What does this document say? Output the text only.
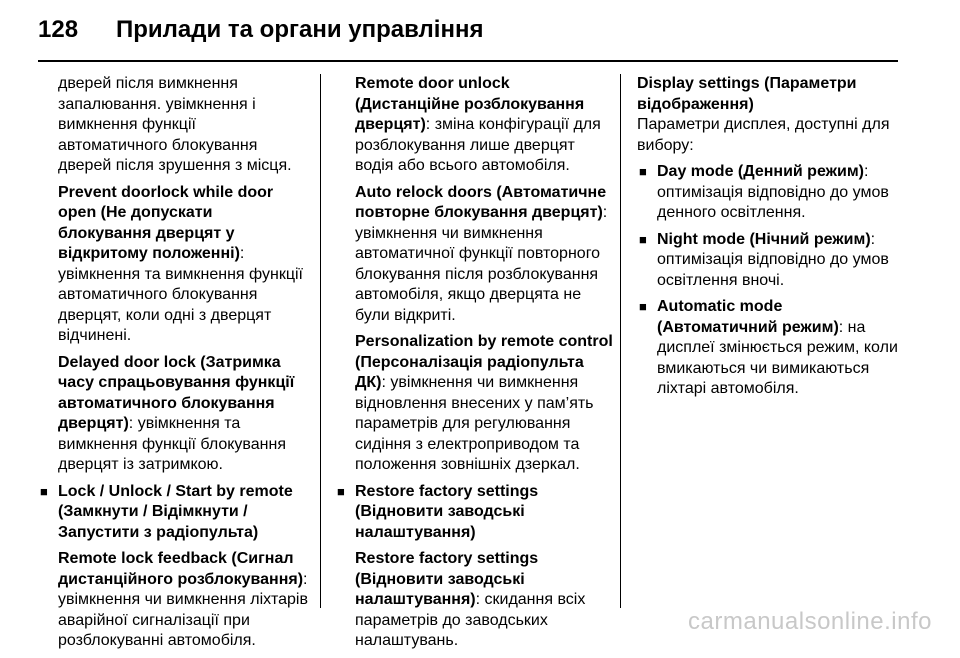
128 Прилади та органи управління

дверей після вимкнення запалювання. увімкнення і вимкнення функції автоматичного блокування дверей після зрушення з місця.

Prevent doorlock while door open (Не допускати блокування дверцят у відкритому положенні): увімкнення та вимкнення функції автоматичного блокування дверцят, коли одні з дверцят відчинені.

Delayed door lock (Затримка часу спрацьовування функції автоматичного блокування дверцят): увімкнення та вимкнення функції блокування дверцят із затримкою.

■ Lock / Unlock / Start by remote (Замкнути / Відімкнути / Запустити з радіопульта)

Remote lock feedback (Сигнал дистанційного розблокування): увімкнення чи вимкнення ліхтарів аварійної сигналізації при розблокуванні автомобіля.

Remote door unlock (Дистанційне розблокування дверцят): зміна конфігурації для розблокування лише дверцят водія або всього автомобіля.

Auto relock doors (Автоматичне повторне блокування дверцят): увімкнення чи вимкнення автоматичної функції повторного блокування після розблокування автомобіля, якщо дверцята не були відкриті.

Personalization by remote control (Персоналізація радіопульта ДК): увімкнення чи вимкнення відновлення внесених у пам’ять параметрів для регулювання сидіння з електроприводом та положення зовнішніх дзеркал.

■ Restore factory settings (Відновити заводські налаштування)

Restore factory settings (Відновити заводські налаштування): скидання всіх параметрів до заводських налаштувань.

Display settings (Параметри відображення)

Параметри дисплея, доступні для вибору:

■ Day mode (Денний режим): оптимізація відповідно до умов денного освітлення.
■ Night mode (Нічний режим): оптимізація відповідно до умов освітлення вночі.
■ Automatic mode (Автоматичний режим): на дисплеї змінюється режим, коли вмикаються чи вимикаються ліхтарі автомобіля.
carmanualsonline.info
